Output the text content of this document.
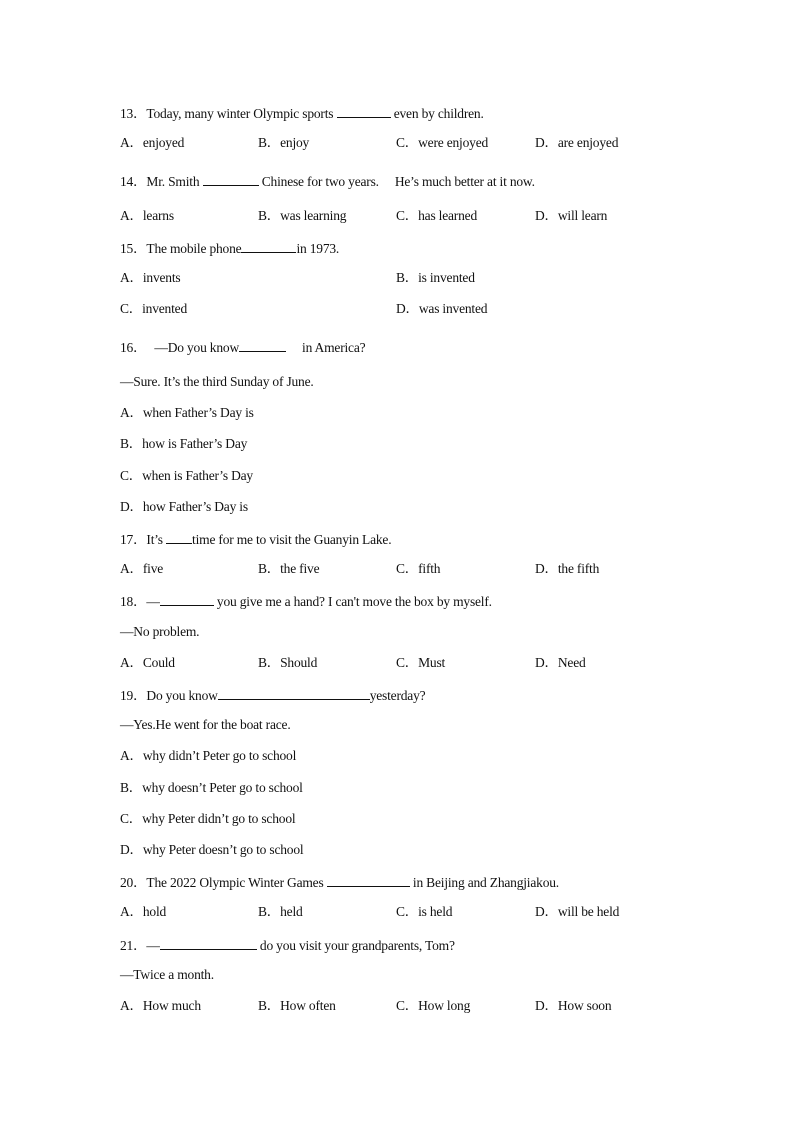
13．Today, many winter Olympic sports	even by children.
A．enjoyed	B．enjoy	C．were enjoyed	D．are enjoyed
14．Mr. Smith	Chinese for two years. He’s much better at it now.
A．learns	B．was learning	C．has learned	D．will learn
15．The mobile phone	in 1973.
A．invents	B．is invented
C．invented	D．was invented
16． —Do you know	in America?
—Sure. It’s the third Sunday of June.
A．when Father’s Day is
B．how is Father’s Day
C．when is Father’s Day
D．how Father’s Day is
17．It’s time for me to visit the Guanyin Lake.
A．five	B．the five	C．fifth	D．the fifth
18．—	you give me a hand? I can't move the box by myself.
—No problem.
A．Could	B．Should	C．Must	D．Need
19．Do you know	yesterday?
—Yes.He went for the boat race.
A．why didn’t Peter go to school
B．why doesn’t Peter go to school
C．why Peter didn’t go to school
D．why Peter doesn’t go to school
20．The 2022 Olympic Winter Games	in Beijing and Zhangjiakou.
A．hold	B．held	C．is held	D．will be held
21．—	do you visit your grandparents, Tom?
—Twice a month.
A．How much	B．How often	C．How long	D．How soon
